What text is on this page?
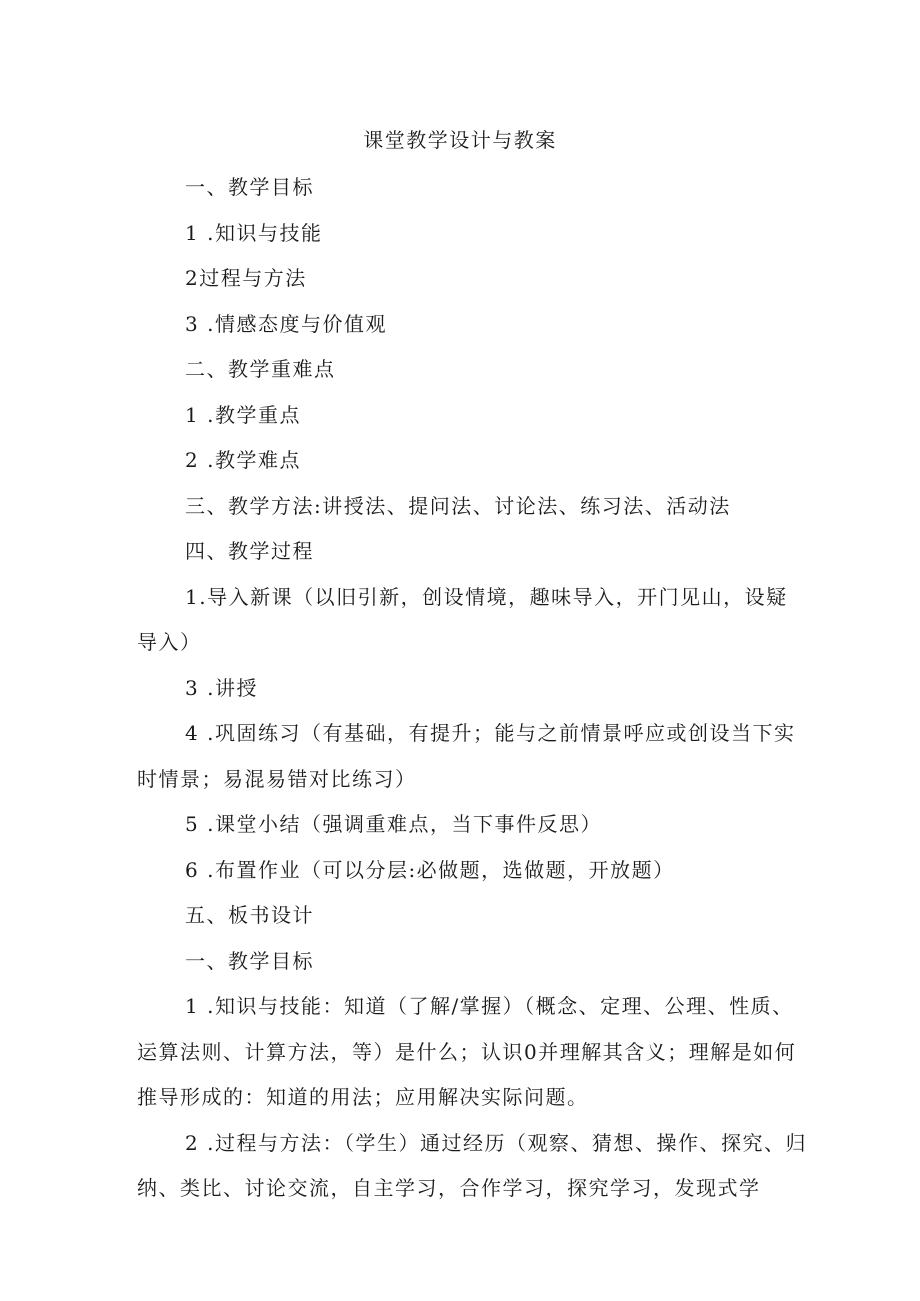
课堂教学设计与教案

一、教学目标

1 .知识与技能

2过程与方法

3 .情感态度与价值观

二、教学重难点

1 .教学重点

2 .教学难点

三、教学方法:讲授法、提问法、讨论法、练习法、活动法

四、教学过程

1.导入新课（以旧引新，创设情境，趣味导入，开门见山，设疑导入）

3 .讲授

4 .巩固练习（有基础，有提升；能与之前情景呼应或创设当下实时情景；易混易错对比练习）

5 .课堂小结（强调重难点，当下事件反思）

6 .布置作业（可以分层:必做题，选做题，开放题）

五、板书设计

一、教学目标

1 .知识与技能：知道（了解/掌握）（概念、定理、公理、性质、运算法则、计算方法，等）是什么；认识0并理解其含义；理解是如何推导形成的：知道的用法；应用解决实际问题。

2 .过程与方法：（学生）通过经历（观察、猜想、操作、探究、归纳、类比、讨论交流，自主学习，合作学习，探究学习，发现式学
